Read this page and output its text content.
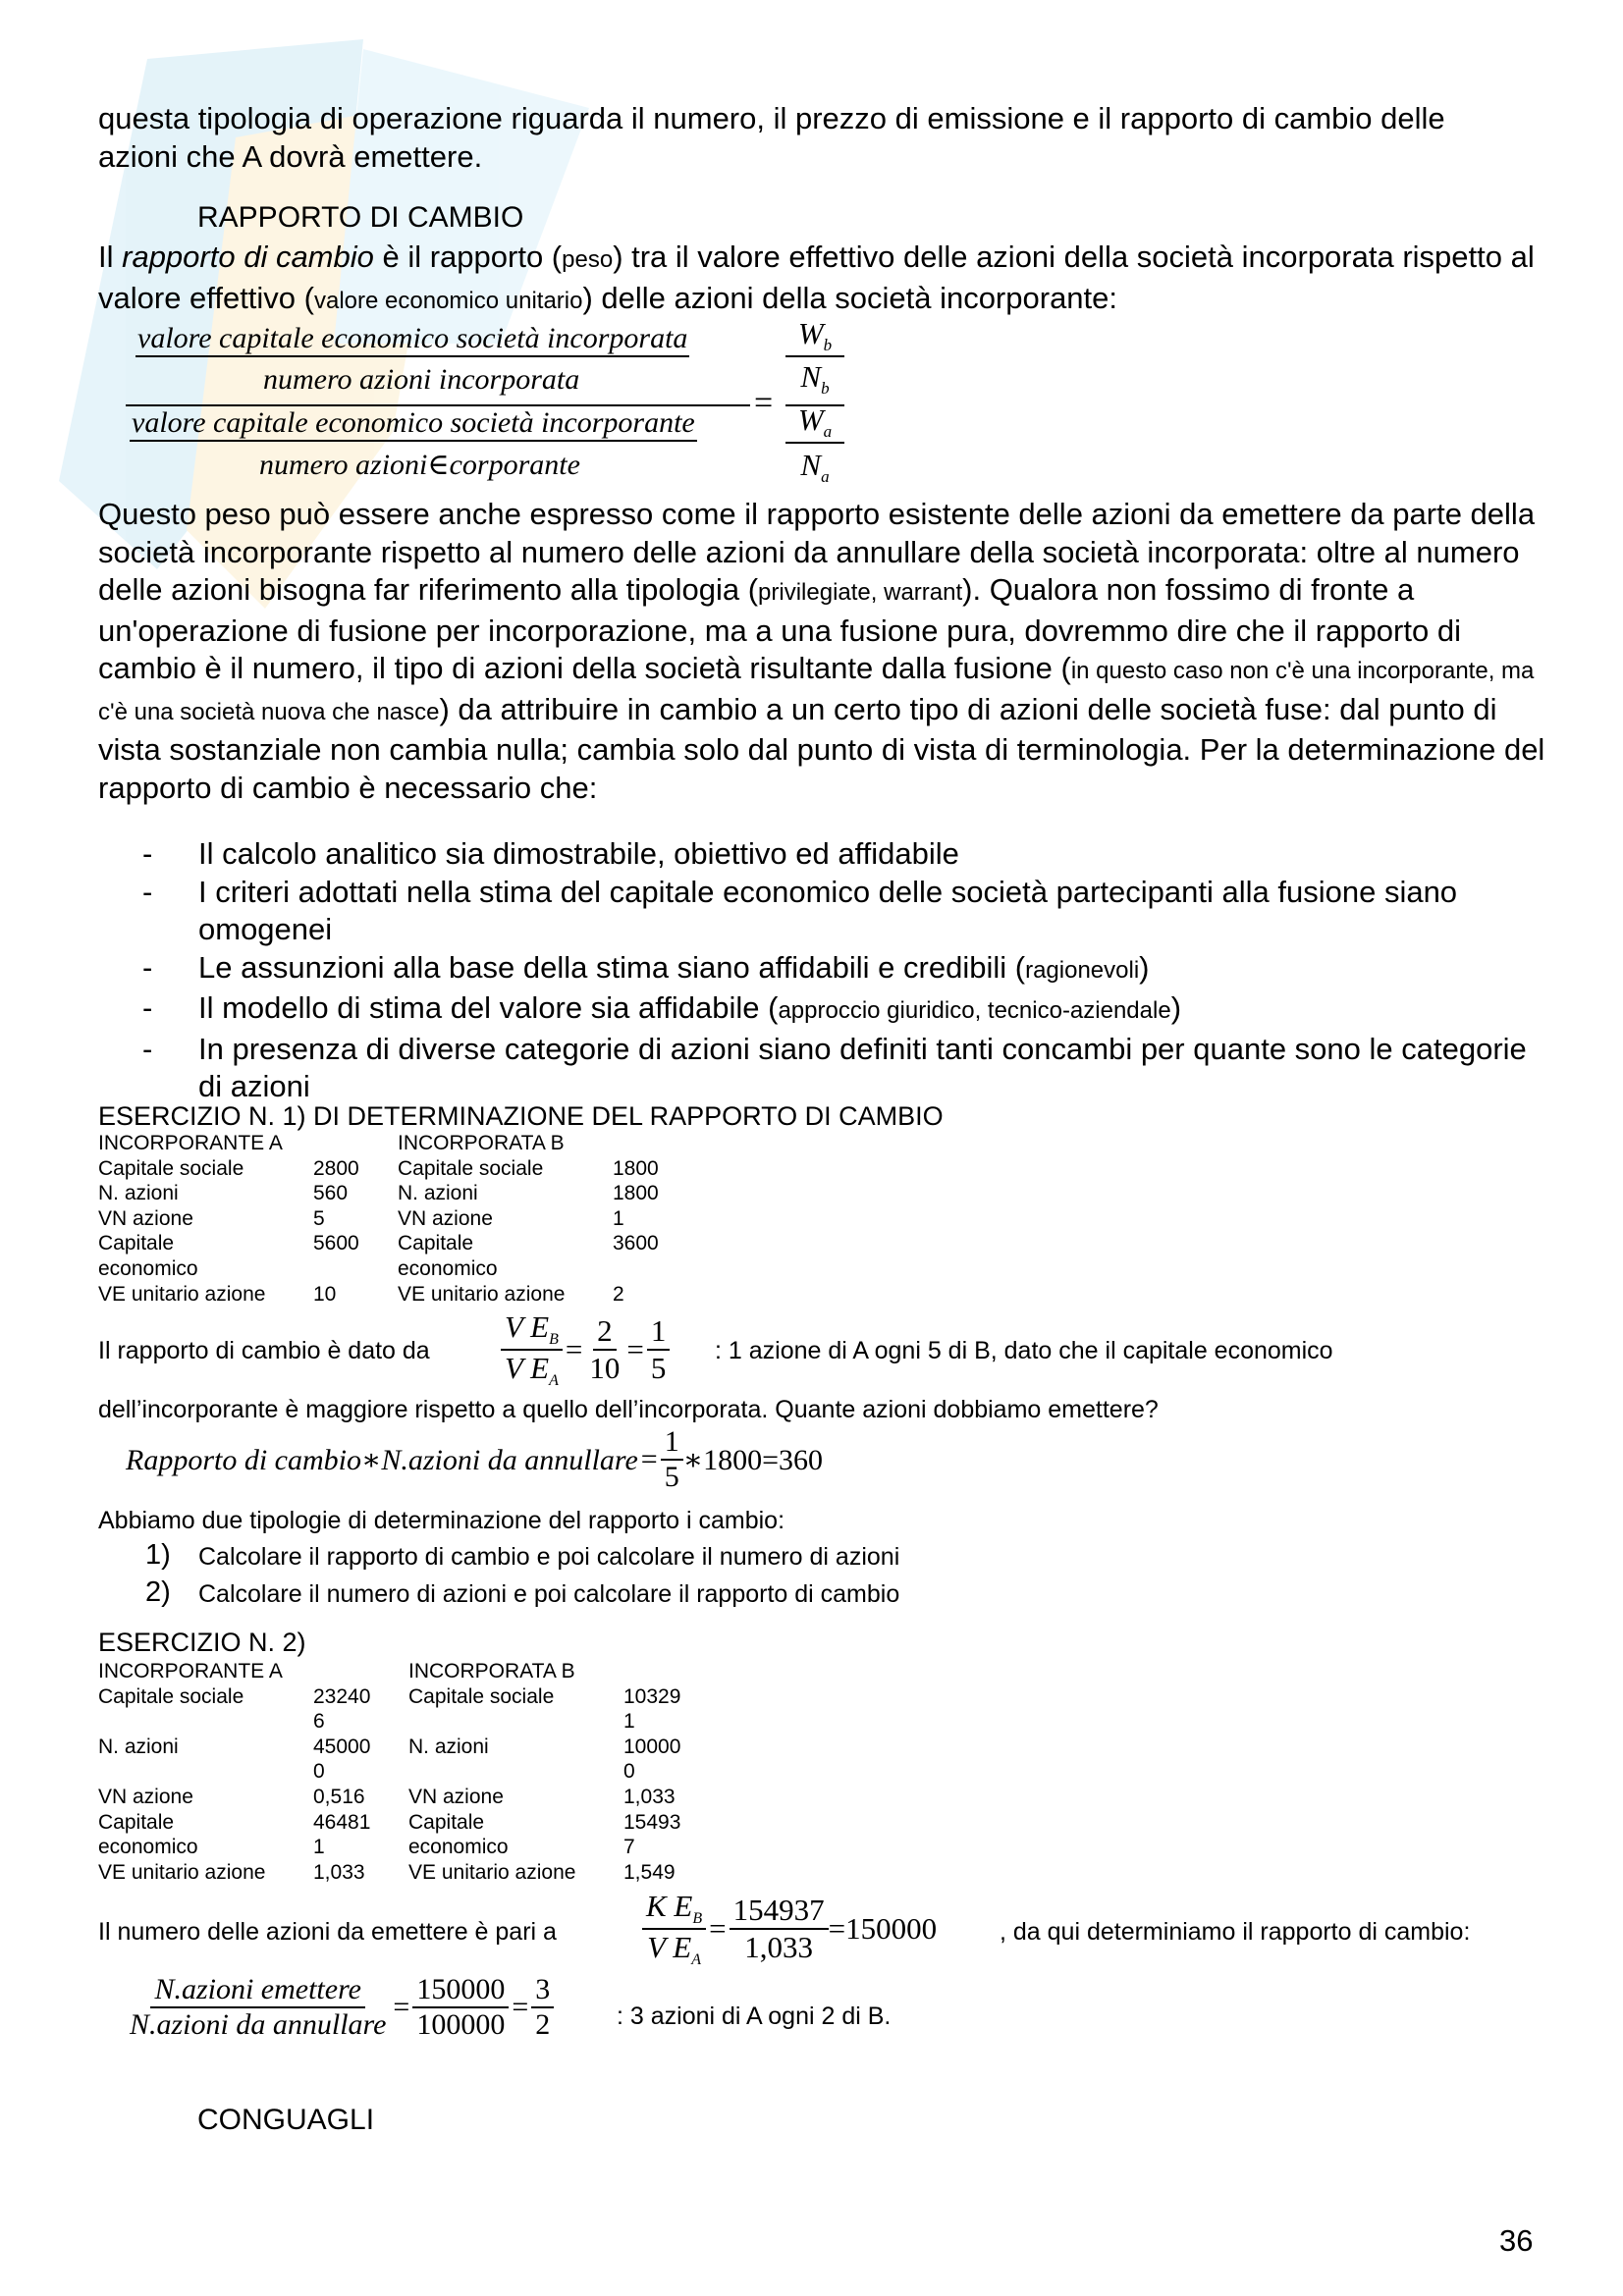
questa tipologia di operazione riguarda il numero, il prezzo di emissione e il rapporto di cambio delle azioni che A dovrà emettere.

RAPPORTO DI CAMBIO

Il rapporto di cambio è il rapporto (peso) tra il valore effettivo delle azioni della società incorporata rispetto al valore effettivo (valore economico unitario) delle azioni della società incorporante:

valore capitale economico società incorporata
numero azioni incorporata
valore capitale economico società incorporante
numero azioni∈corporante
=
$W_b$
$N_b$
$W_a$
$N_a$

Questo peso può essere anche espresso come il rapporto esistente delle azioni da emettere da parte della società incorporante rispetto al numero delle azioni da annullare della società incorporata: oltre al numero delle azioni bisogna far riferimento alla tipologia (privilegiate, warrant). Qualora non fossimo di fronte a un'operazione di fusione per incorporazione, ma a una fusione pura, dovremmo dire che il rapporto di cambio è il numero, il tipo di azioni della società risultante dalla fusione (in questo caso non c'è una incorporante, ma c'è una società nuova che nasce) da attribuire in cambio a un certo tipo di azioni delle società fuse: dal punto di vista sostanziale non cambia nulla; cambia solo dal punto di vista di terminologia. Per la determinazione del rapporto di cambio è necessario che:

- Il calcolo analitico sia dimostrabile, obiettivo ed affidabile
- I criteri adottati nella stima del capitale economico delle società partecipanti alla fusione siano omogenei
- Le assunzioni alla base della stima siano affidabili e credibili (ragionevoli)
- Il modello di stima del valore sia affidabile (approccio giuridico, tecnico-aziendale)
- In presenza di diverse categorie di azioni siano definiti tanti concambi per quante sono le categorie di azioni
ESERCIZIO N. 1) DI DETERMINAZIONE DEL RAPPORTO DI CAMBIO
INCORPORANTE A		INCORPORATA B	
Capitale sociale	2800	Capitale sociale	1800
N. azioni	560	N. azioni	1800
VN azione	5	VN azione	1
Capitale	5600	Capitale	3600
economico		economico	
VE unitario azione	10	VE unitario azione	2
Il rapporto di cambio è dato da $\frac{V E_B}{V E_A} = \frac{2}{10} = \frac{1}{5}$ : 1 azione di A ogni 5 di B, dato che il capitale economico
dell’incorporante è maggiore rispetto a quello dell’incorporata. Quante azioni dobbiamo emettere?
Rapporto di cambio∗N.azioni da annullare = $\frac{1}{5}$ ∗1800=360
Abbiamo due tipologie di determinazione del rapporto i cambio:
1) Calcolare il rapporto di cambio e poi calcolare il numero di azioni
2) Calcolare il numero di azioni e poi calcolare il rapporto di cambio
ESERCIZIO N. 2)
INCORPORANTE A		INCORPORATA B	
Capitale sociale	23240	Capitale sociale	10329
	6		1
N. azioni	45000	N. azioni	10000
	0		0
VN azione	0,516	VN azione	1,033
Capitale	46481	Capitale	15493
economico	1	economico	7
VE unitario azione	1,033	VE unitario azione	1,549
Il numero delle azioni da emettere è pari a	$\frac{K E_B}{V E_A} = \frac{154937}{1,033} =150000$	, da qui determiniamo il rapporto di cambio:
$\frac{\text{N.azioni emettere}}{\text{N.azioni da annullare}} = \frac{150000}{100000} = \frac{3}{2}$	: 3 azioni di A ogni 2 di B.
CONGUAGLI
36
